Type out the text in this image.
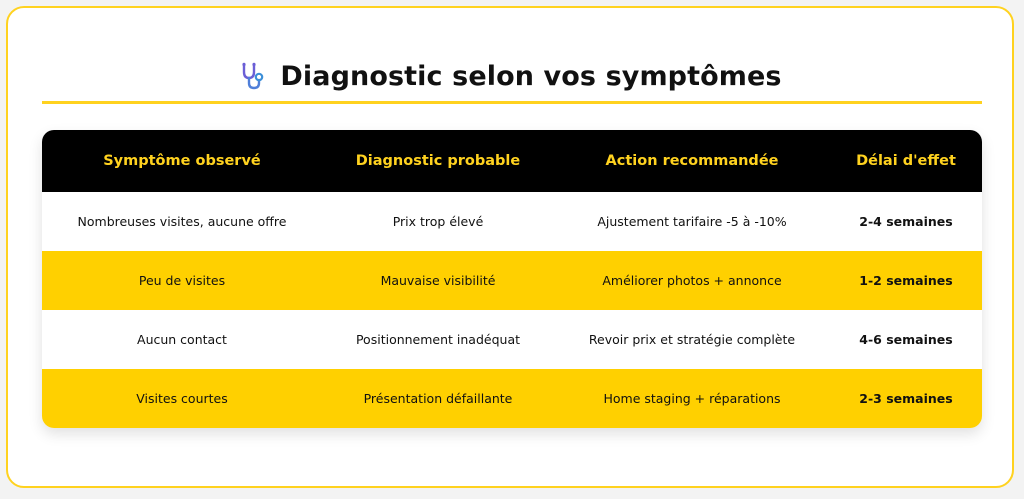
Diagnostic selon vos symptômes
Symptôme observé	Diagnostic probable	Action recommandée	Délai d'effet
Nombreuses visites, aucune offre	Prix trop élevé	Ajustement tarifaire -5 à -10%	2-4 semaines
Peu de visites	Mauvaise visibilité	Améliorer photos + annonce	1-2 semaines
Aucun contact	Positionnement inadéquat	Revoir prix et stratégie complète	4-6 semaines
Visites courtes	Présentation défaillante	Home staging + réparations	2-3 semaines
